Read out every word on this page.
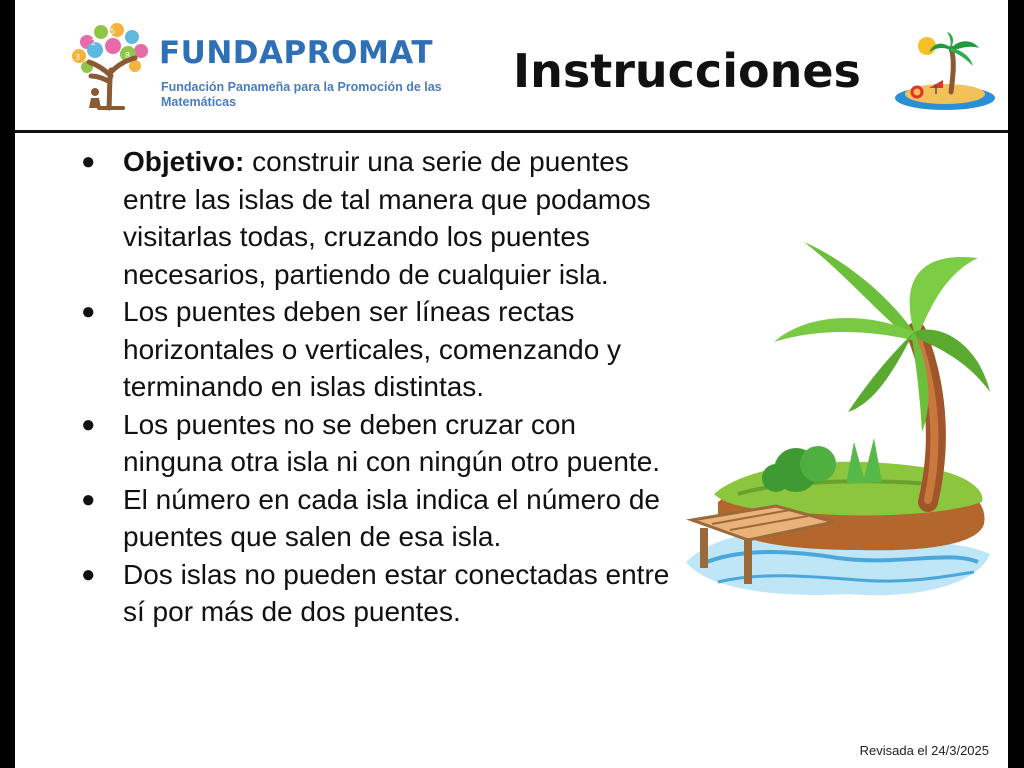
2
5
8
3	FUNDAPROMAT
Fundación Panameña para la Promoción de las Matemáticas
Instrucciones
● Objetivo: construir una serie de puentes entre las islas de tal manera que podamos visitarlas todas, cruzando los puentes necesarios, partiendo de cualquier isla.
● Los puentes deben ser líneas rectas horizontales o verticales, comenzando y terminando en islas distintas.
● Los puentes no se deben cruzar con ninguna otra isla ni con ningún otro puente.
● El número en cada isla indica el número de puentes que salen de esa isla.
● Dos islas no pueden estar conectadas entre sí por más de dos puentes.
Revisada el 24/3/2025
